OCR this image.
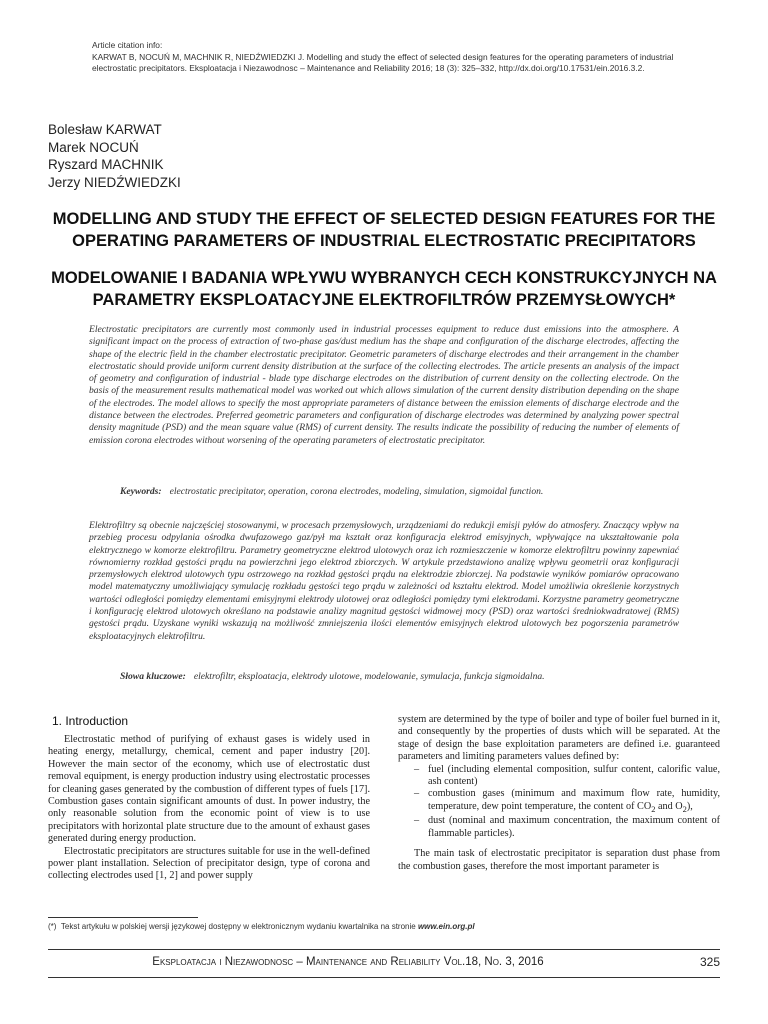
Article citation info:
KARWAT B, NOCUŃ M, MACHNIK R, NIEDŹWIEDZKI J. Modelling and study the effect of selected design features for the operating parameters of industrial electrostatic precipitators. Eksploatacja i Niezawodnosc – Maintenance and Reliability 2016; 18 (3): 325–332, http://dx.doi.org/10.17531/ein.2016.3.2.
Bolesław KARWAT
Marek NOCUŃ
Ryszard MACHNIK
Jerzy NIEDŹWIEDZKI
MODELLING AND STUDY THE EFFECT OF SELECTED DESIGN FEATURES FOR THE OPERATING PARAMETERS OF INDUSTRIAL ELECTROSTATIC PRECIPITATORS
MODELOWANIE I BADANIA WPŁYWU WYBRANYCH CECH KONSTRUKCYJNYCH NA PARAMETRY EKSPLOATACYJNE ELEKTROFILTRÓW PRZEMYSŁOWYCH*

Electrostatic precipitators are currently most commonly used in industrial processes equipment to reduce dust emissions into the atmosphere. A significant impact on the process of extraction of two-phase gas/dust medium has the shape and configuration of the discharge electrodes, affecting the shape of the electric field in the chamber electrostatic precipitator. Geometric parameters of discharge electrodes and their arrangement in the chamber electrostatic should provide uniform current density distribution at the surface of the collecting electrodes. The article presents an analysis of the impact of geometry and configuration of industrial - blade type discharge electrodes on the distribution of current density on the collecting electrode. On the basis of the measurement results mathematical model was worked out which allows simulation of the current density distribution depending on the shape of the electrodes. The model allows to specify the most appropriate parameters of distance between the emission elements of discharge electrode and the distance between the electrodes. Preferred geometric parameters and configuration of discharge electrodes was determined by analyzing power spectral density magnitude (PSD) and the mean square value (RMS) of current density. The results indicate the possibility of reducing the number of elements of emission corona electrodes without worsening of the operating parameters of electrostatic precipitator.

Keywords: electrostatic precipitator, operation, corona electrodes, modeling, simulation, sigmoidal function.

Elektrofiltry są obecnie najczęściej stosowanymi, w procesach przemysłowych, urządzeniami do redukcji emisji pyłów do atmosfery. Znaczący wpływ na przebieg procesu odpylania ośrodka dwufazowego gaz/pył ma kształt oraz konfiguracja elektrod emisyjnych, wpływające na ukształtowanie pola elektrycznego w komorze elektrofiltru. Parametry geometryczne elektrod ulotowych oraz ich rozmieszczenie w komorze elektrofiltru powinny zapewniać równomierny rozkład gęstości prądu na powierzchni jego elektrod zbiorczych. W artykule przedstawiono analizę wpływu geometrii oraz konfiguracji przemysłowych elektrod ulotowych typu ostrzowego na rozkład gęstości prądu na elektrodzie zbiorczej. Na podstawie wyników pomiarów opracowano model matematyczny umożliwiający symulację rozkładu gęstości tego prądu w zależności od kształtu elektrod. Model umożliwia określenie korzystnych wartości odległości pomiędzy elementami emisyjnymi elektrody ulotowej oraz odległości pomiędzy tymi elektrodami. Korzystne parametry geometryczne i konfigurację elektrod ulotowych określano na podstawie analizy magnitud gęstości widmowej mocy (PSD) oraz wartości średniokwadratowej (RMS) gęstości prądu. Uzyskane wyniki wskazują na możliwość zmniejszenia ilości elementów emisyjnych elektrod ulotowych bez pogorszenia parametrów eksploatacyjnych elektrofiltru.

Słowa kluczowe: elektrofiltr, eksploatacja, elektrody ulotowe, modelowanie, symulacja, funkcja sigmoidalna.
1. Introduction

Electrostatic method of purifying of exhaust gases is widely used in heating energy, metallurgy, chemical, cement and paper industry [20]. However the main sector of the economy, which use of electrostatic dust removal equipment, is energy production industry using electrostatic processes for cleaning gases generated by the combustion of different types of fuels [17]. Combustion gases contain significant amounts of dust. In power industry, the only reasonable solution from the economic point of view is to use precipitators with horizontal plate structure due to the amount of exhaust gases generated during energy production.

Electrostatic precipitators are structures suitable for use in the well-defined power plant installation. Selection of precipitator design, type of corona and collecting electrodes used [1, 2] and power supply

system are determined by the type of boiler and type of boiler fuel burned in it, and consequently by the properties of dusts which will be separated. At the stage of design the base exploitation parameters are defined i.e. guaranteed parameters and limiting parameters values defined by:

– fuel (including elemental composition, sulfur content, calorific value, ash content)
– combustion gases (minimum and maximum flow rate, humidity, temperature, dew point temperature, the content of $CO_2$ and $O_2$),
– dust (nominal and maximum concentration, the maximum content of flammable particles).

The main task of electrostatic precipitator is separation dust phase from the combustion gases, therefore the most important parameter is

(*) Tekst artykułu w polskiej wersji językowej dostępny w elektronicznym wydaniu kwartalnika na stronie www.ein.org.pl
Eksploatacja i Niezawodnosc – Maintenance and Reliability Vol.18, No. 3, 2016	325
